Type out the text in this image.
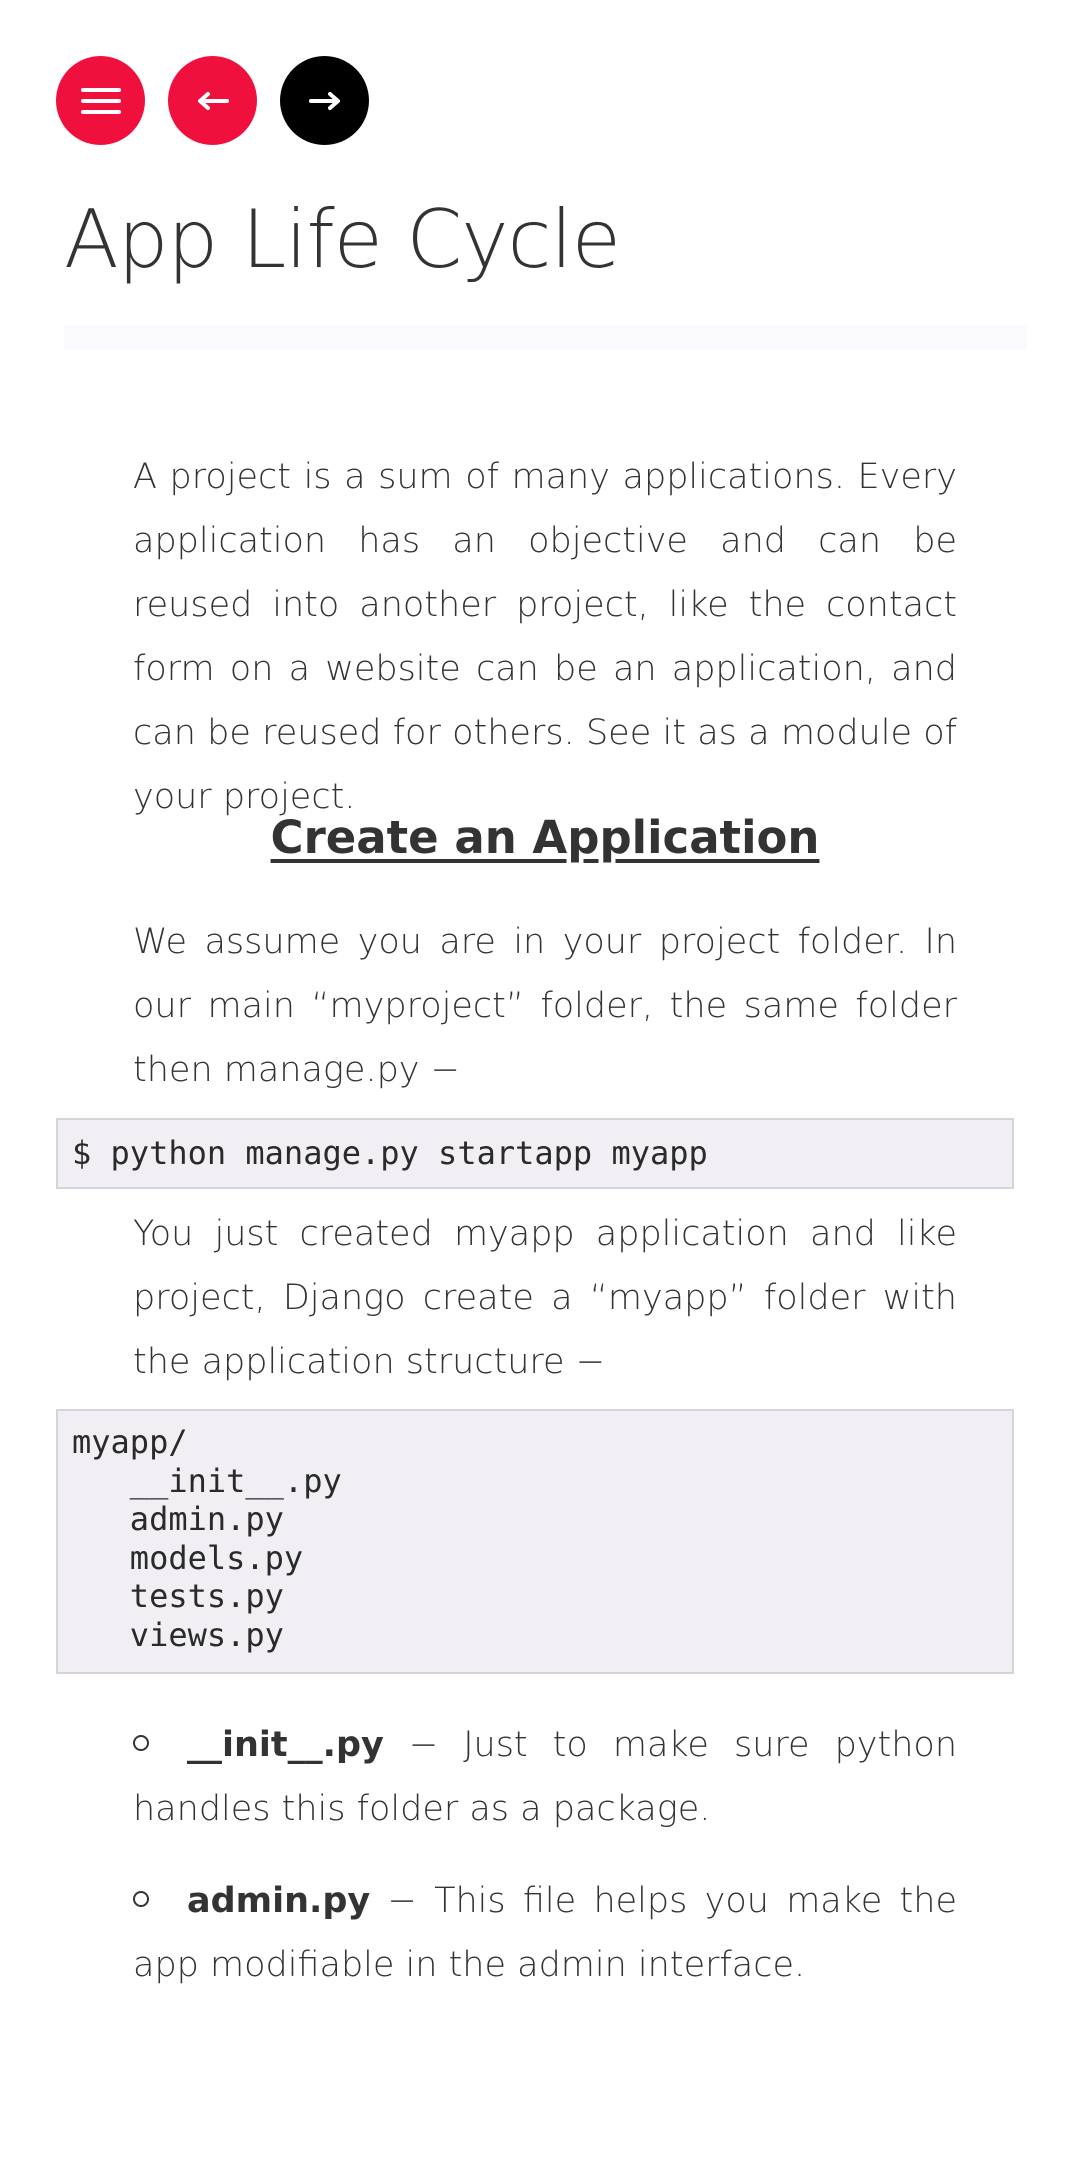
App Life Cycle

A project is a sum of many applications. Every application has an objective and can be reused into another project, like the contact form on a website can be an application, and can be reused for others. See it as a module of your project.

Create an Application

We assume you are in your project folder. In our main “myproject” folder, the same folder then manage.py −

$ python manage.py startapp myapp

You just created myapp application and like project, Django create a “myapp” folder with the application structure −

myapp/
__init__.py
admin.py
models.py
tests.py
views.py
__init__.py − Just to make sure python handles this folder as a package.
admin.py − This file helps you make the app modifiable in the admin interface.
